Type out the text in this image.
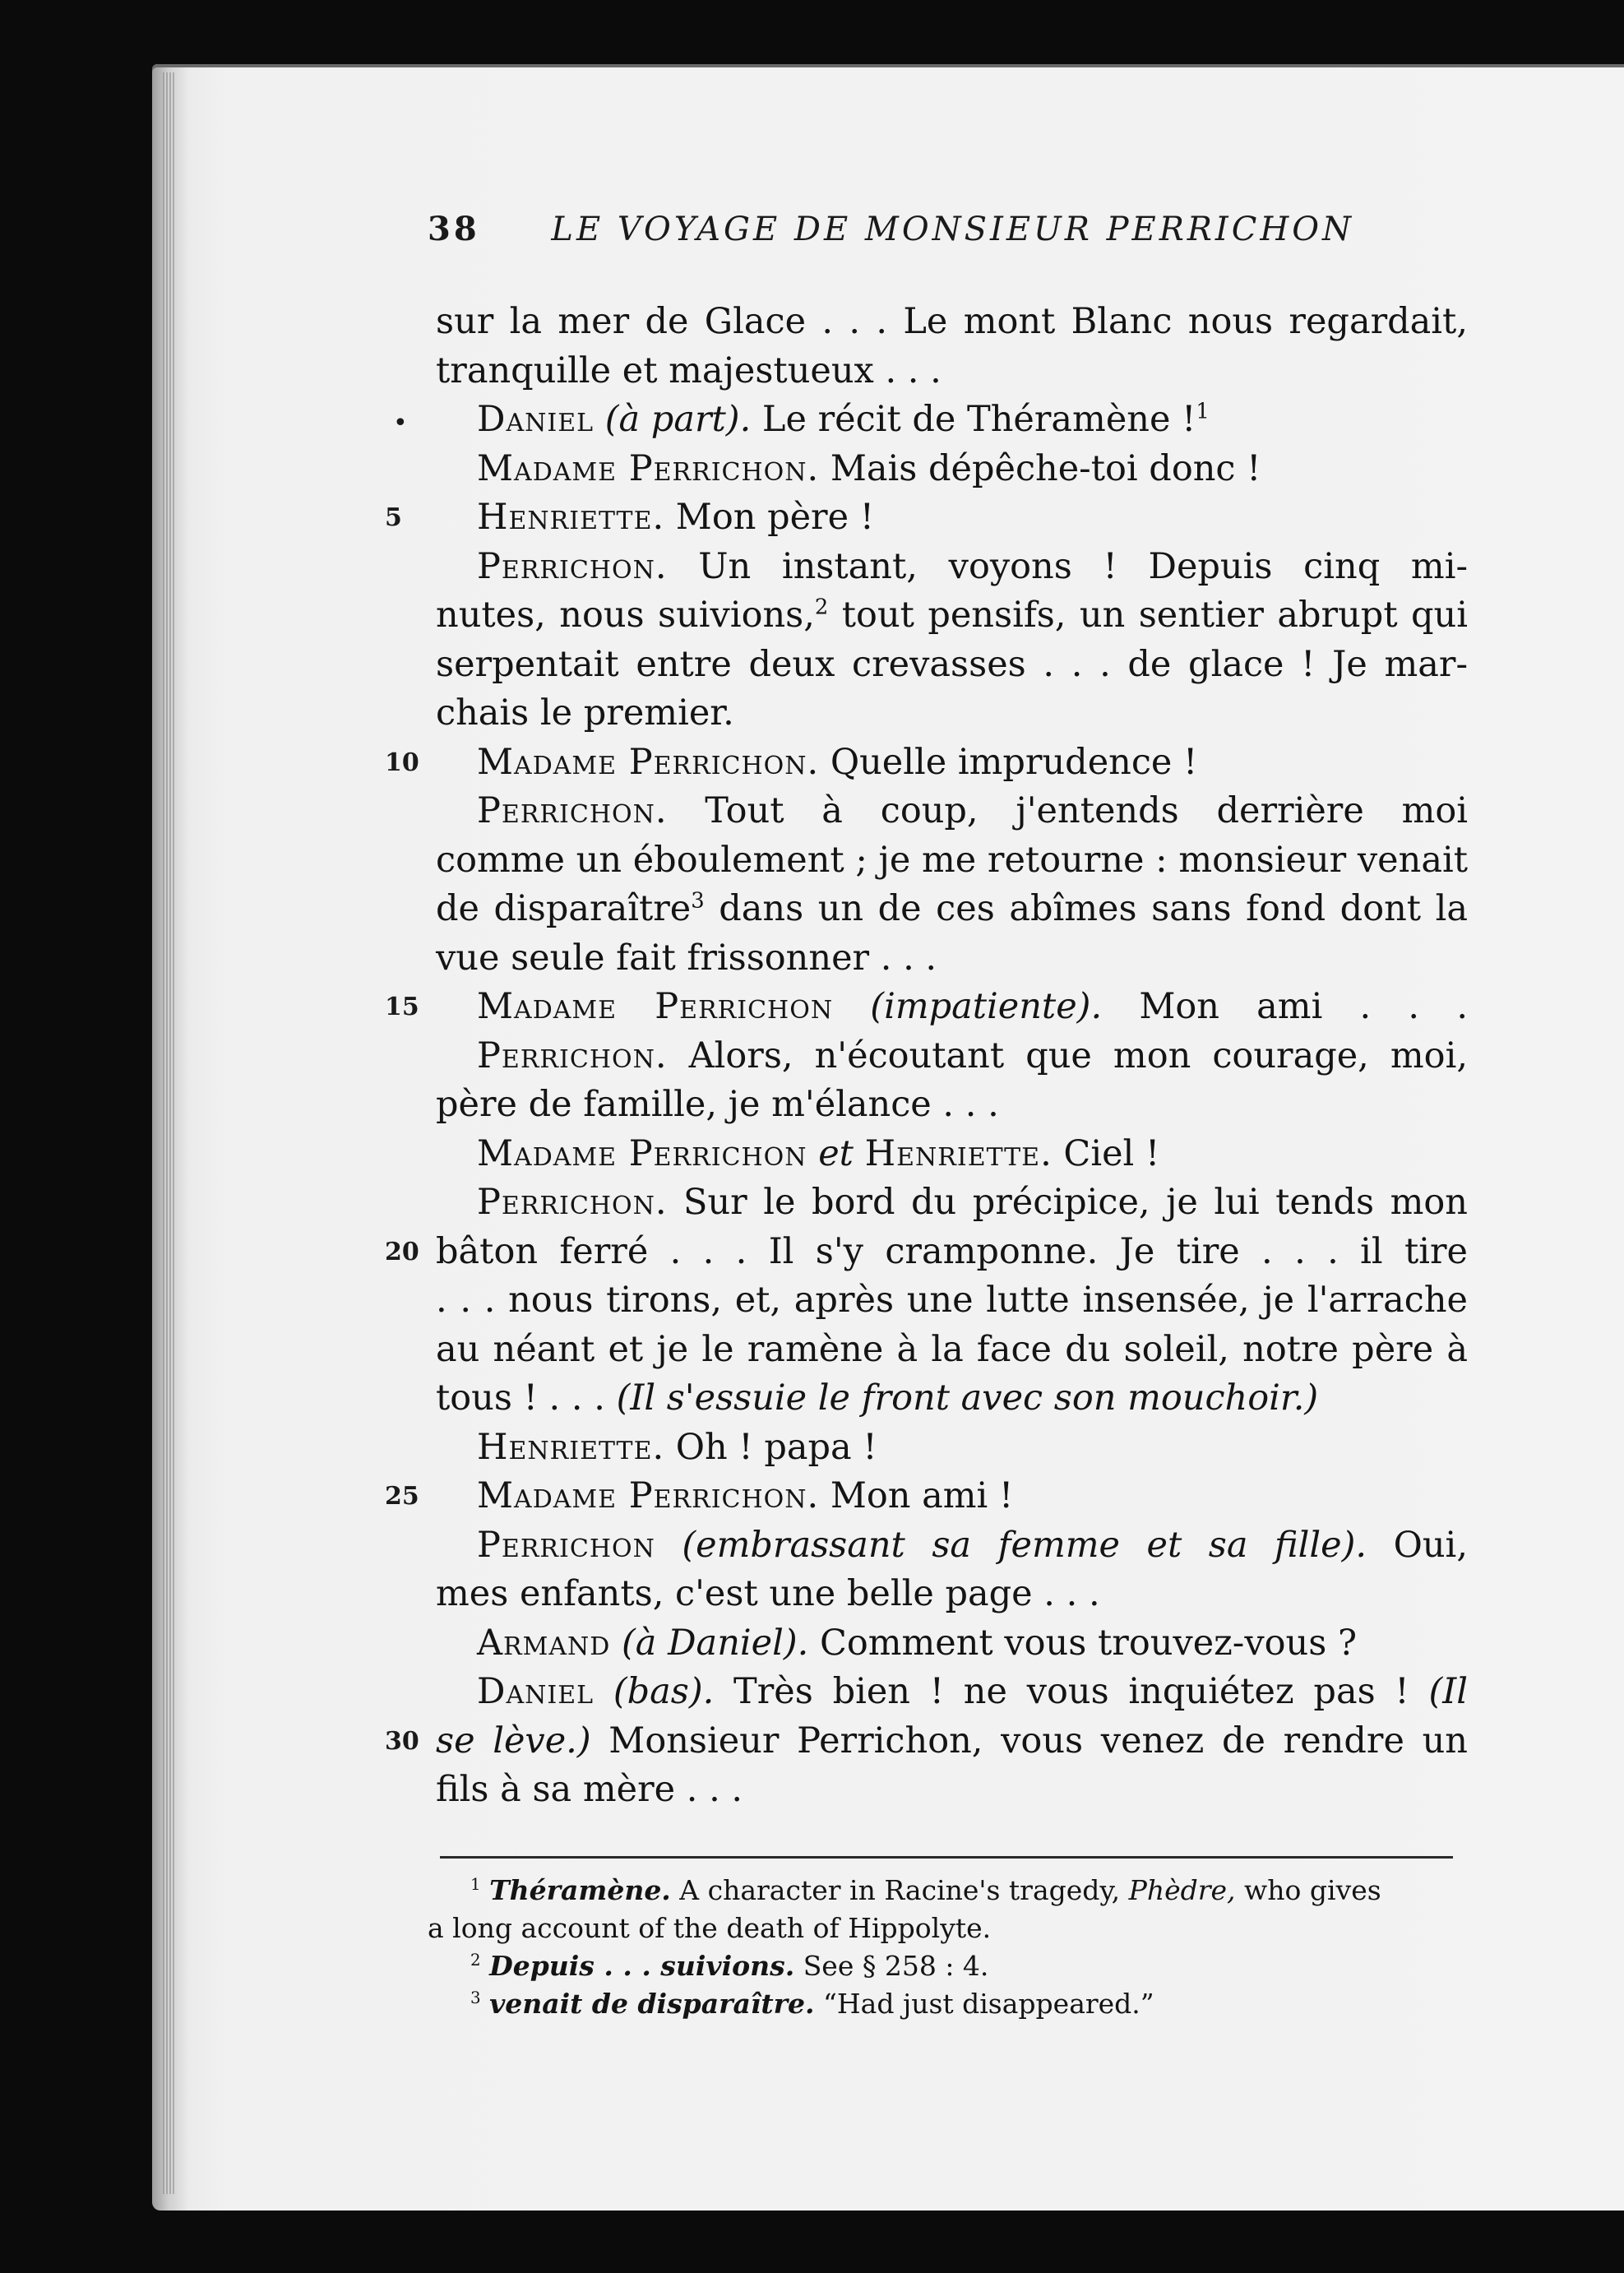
38 LE VOYAGE DE MONSIEUR PERRICHON
sur la mer de Glace . . . Le mont Blanc nous regardait,
tranquille et majestueux . . .
• Daniel (à part). Le récit de Théramène !$^1$
Madame Perrichon. Mais dépêche-toi donc !
5 Henriette. Mon père !
Perrichon. Un instant, voyons ! Depuis cinq mi-
nutes, nous suivions,$^2$ tout pensifs, un sentier abrupt qui
serpentait entre deux crevasses . . . de glace ! Je mar-
chais le premier.
10 Madame Perrichon. Quelle imprudence !
Perrichon. Tout à coup, j'entends derrière moi
comme un éboulement ; je me retourne : monsieur venait
de disparaître$^3$ dans un de ces abîmes sans fond dont la
vue seule fait frissonner . . .
15 Madame Perrichon (impatiente). Mon ami . . .
Perrichon. Alors, n'écoutant que mon courage, moi,
père de famille, je m'élance . . .
Madame Perrichon et Henriette. Ciel !
Perrichon. Sur le bord du précipice, je lui tends mon
20 bâton ferré . . . Il s'y cramponne. Je tire . . . il tire
. . . nous tirons, et, après une lutte insensée, je l'arrache
au néant et je le ramène à la face du soleil, notre père à
tous ! . . . (Il s'essuie le front avec son mouchoir.)
Henriette. Oh ! papa !
25 Madame Perrichon. Mon ami !
Perrichon (embrassant sa femme et sa fille). Oui,
mes enfants, c'est une belle page . . .
Armand (à Daniel). Comment vous trouvez-vous ?
Daniel (bas). Très bien ! ne vous inquiétez pas ! (Il
30 se lève.) Monsieur Perrichon, vous venez de rendre un
fils à sa mère . . .
$^1$ Théramène. A character in Racine's tragedy, Phèdre, who gives
a long account of the death of Hippolyte.
$^2$ Depuis . . . suivions. See § 258 : 4.
$^3$ venait de disparaître. “Had just disappeared.”
